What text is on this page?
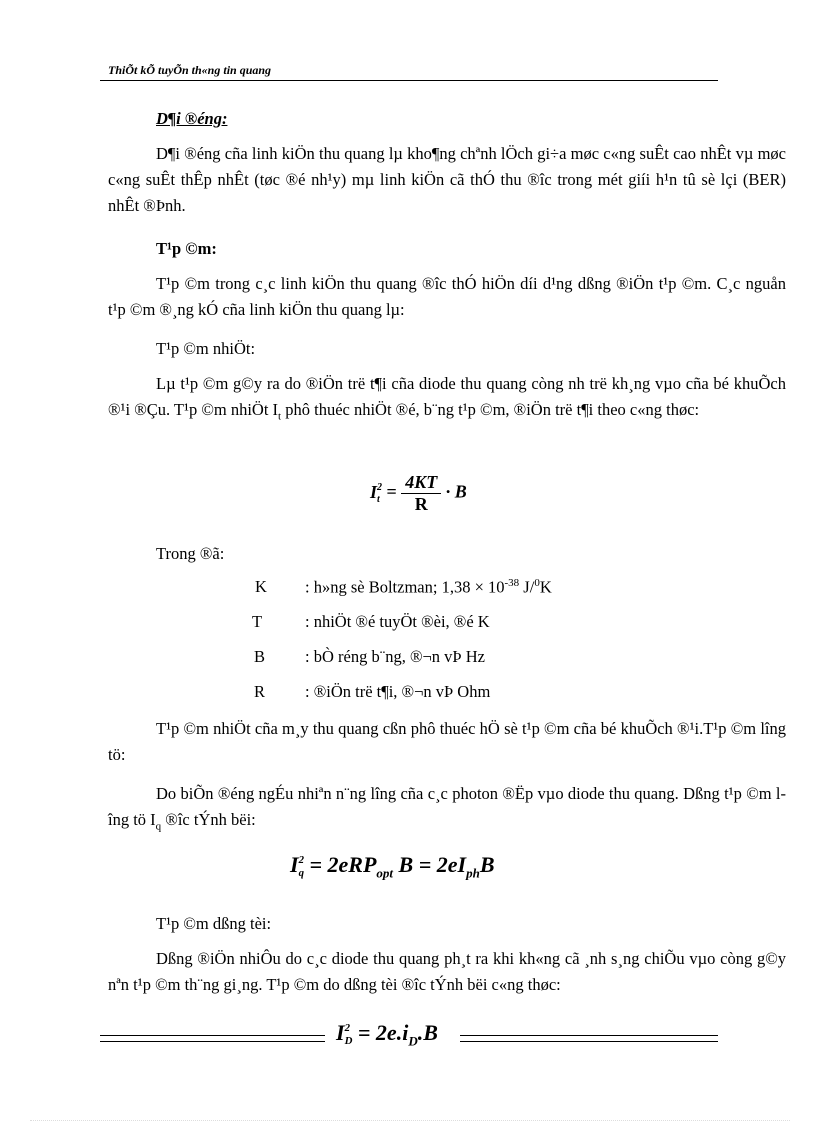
ThiÕt kÕ tuyÕn th«ng tin quang
D¶i ®éng:

D¶i ®éng cña linh kiÖn thu quang lµ kho¶ng chªnh lÖch gi÷a møc c«ng suÊt cao nhÊt vµ møc c«ng suÊt thÊp nhÊt (tøc ®é nh¹y) mµ linh kiÖn cã thÓ thu ®îc trong mét giíi h¹n tû sè lçi (BER) nhÊt ®Þnh.

T¹p ©m:

T¹p ©m trong c¸c linh kiÖn thu quang ®îc thÓ hiÖn díi d¹ng dßng ®iÖn t¹p ©m. C¸c nguån t¹p ©m ®¸ng kÓ cña linh kiÖn thu quang lµ:

T¹p ©m nhiÖt:

Lµ t¹p ©m g©y ra do ®iÖn trë t¶i cña diode thu quang còng nh trë kh¸ng vµo cña bé khuÕch ®¹i ®Çu. T¹p ©m nhiÖt $I_t$ phô thuéc nhiÖt ®é, b¨ng t¹p ©m, ®iÖn trë t¶i theo c«ng thøc:

I 2
$t = \frac{4KT}{R} \cdot B$
Trong ®ã:
K : h»ng sè Boltzman; $1,38 \times 10^{-38}$ J/$^0$K
T	: nhiÖt ®é tuyÖt ®èi, ®é K
B : bÒ réng b¨ng, ®¬n vÞ Hz
R : ®iÖn trë t¶i, ®¬n vÞ Ohm

T¹p ©m nhiÖt cña m¸y thu quang cßn phô thuéc hÖ sè t¹p ©m cña bé khuÕch ®¹i.T¹p ©m lîng tö:

Do biÕn ®éng ngÉu nhiªn n¨ng lîng cña c¸c photon ®Ëp vµo diode thu quang. Dßng t¹p ©m lîng tö $I_q$ ®îc tÝnh bëi:

I 2
q = 2eRP$_{opt}$ $B = 2eI_{ph}B$
T¹p ©m dßng tèi:

Dßng ®iÖn nhiÔu do c¸c diode thu quang ph¸t ra khi kh«ng cã ¸nh s¸ng chiÕu vµo còng g©y nªn t¹p ©m th¨ng gi¸ng. T¹p ©m do dßng tèi ®îc tÝnh bëi c«ng thøc:

I 2
$D = 2e.i_D.B$
